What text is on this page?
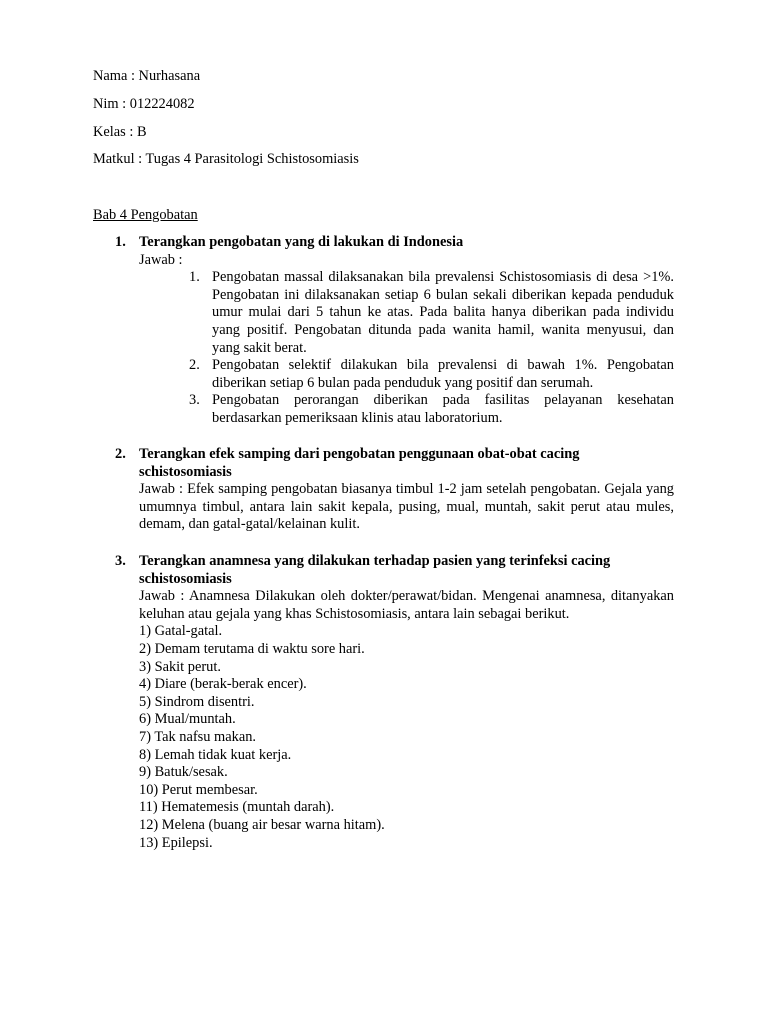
Nama : Nurhasana
Nim : 012224082
Kelas : B
Matkul : Tugas 4 Parasitologi Schistosomiasis
Bab 4 Pengobatan
1. Terangkan pengobatan yang di lakukan di Indonesia
Jawab :
1. Pengobatan massal dilaksanakan bila prevalensi Schistosomiasis di desa >1%. Pengobatan ini dilaksanakan setiap 6 bulan sekali diberikan kepada penduduk umur mulai dari 5 tahun ke atas. Pada balita hanya diberikan pada individu yang positif. Pengobatan ditunda pada wanita hamil, wanita menyusui, dan yang sakit berat.
2. Pengobatan selektif dilakukan bila prevalensi di bawah 1%. Pengobatan diberikan setiap 6 bulan pada penduduk yang positif dan serumah.
3. Pengobatan perorangan diberikan pada fasilitas pelayanan kesehatan berdasarkan pemeriksaan klinis atau laboratorium.
2. Terangkan efek samping dari pengobatan penggunaan obat-obat cacing schistosomiasis
Jawab : Efek samping pengobatan biasanya timbul 1-2 jam setelah pengobatan. Gejala yang umumnya timbul, antara lain sakit kepala, pusing, mual, muntah, sakit perut atau mules, demam, dan gatal-gatal/kelainan kulit.
3. Terangkan anamnesa yang dilakukan terhadap pasien yang terinfeksi cacing schistosomiasis
Jawab : Anamnesa Dilakukan oleh dokter/perawat/bidan. Mengenai anamnesa, ditanyakan keluhan atau gejala yang khas Schistosomiasis, antara lain sebagai berikut.
1) Gatal-gatal.
2) Demam terutama di waktu sore hari.
3) Sakit perut.
4) Diare (berak-berak encer).
5) Sindrom disentri.
6) Mual/muntah.
7) Tak nafsu makan.
8) Lemah tidak kuat kerja.
9) Batuk/sesak.
10) Perut membesar.
11) Hematemesis (muntah darah).
12) Melena (buang air besar warna hitam).
13) Epilepsi.
